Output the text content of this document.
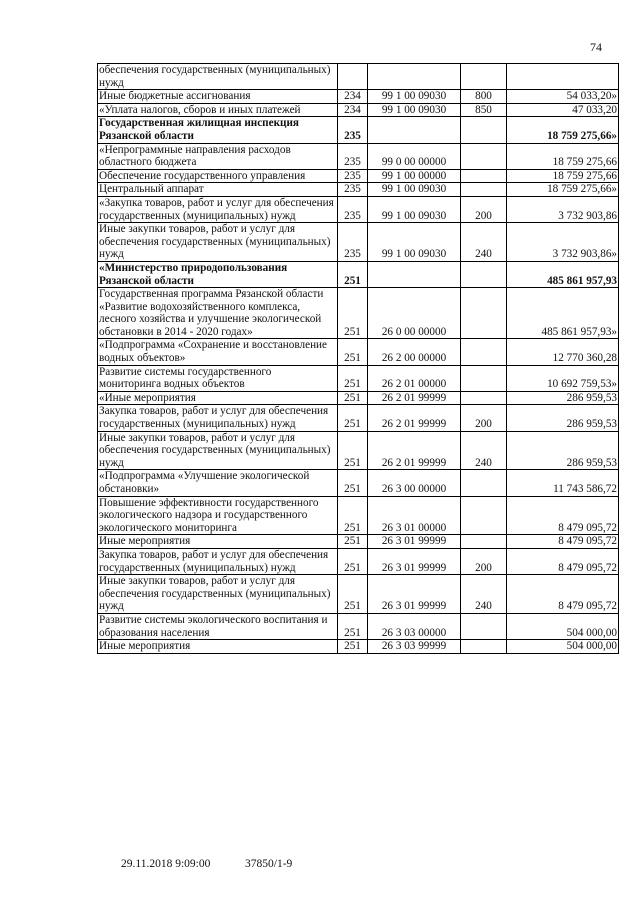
74
обеспечения государственных (муниципальных) нужд				
Иные бюджетные ассигнования	234	99 1 00 09030	800	54 033,20»
«Уплата налогов, сборов и иных платежей	234	99 1 00 09030	850	47 033,20
Государственная жилищная инспекция Рязанской области	235			18 759 275,66»
«Непрограммные направления расходов областного бюджета	235	99 0 00 00000		18 759 275,66
Обеспечение государственного управления	235	99 1 00 00000		18 759 275,66
Центральный аппарат	235	99 1 00 09030		18 759 275,66»
«Закупка товаров, работ и услуг для обеспечения государственных (муниципальных) нужд	235	99 1 00 09030	200	3 732 903,86
Иные закупки товаров, работ и услуг для обеспечения государственных (муниципальных) нужд	235	99 1 00 09030	240	3 732 903,86»
«Министерство природопользования Рязанской области	251			485 861 957,93
Государственная программа Рязанской области «Развитие водохозяйственного комплекса, лесного хозяйства и улучшение экологической обстановки в 2014 - 2020 годах»	251	26 0 00 00000		485 861 957,93»
«Подпрограмма «Сохранение и восстановление водных объектов»	251	26 2 00 00000		12 770 360,28
Развитие системы государственного мониторинга водных объектов	251	26 2 01 00000		10 692 759,53»
«Иные мероприятия	251	26 2 01 99999		286 959,53
Закупка товаров, работ и услуг для обеспечения государственных (муниципальных) нужд	251	26 2 01 99999	200	286 959,53
Иные закупки товаров, работ и услуг для обеспечения государственных (муниципальных) нужд	251	26 2 01 99999	240	286 959,53
«Подпрограмма «Улучшение экологической обстановки»	251	26 3 00 00000		11 743 586,72
Повышение эффективности государственного экологического надзора и государственного экологического мониторинга	251	26 3 01 00000		8 479 095,72
Иные мероприятия	251	26 3 01 99999		8 479 095,72
Закупка товаров, работ и услуг для обеспечения государственных (муниципальных) нужд	251	26 3 01 99999	200	8 479 095,72
Иные закупки товаров, работ и услуг для обеспечения государственных (муниципальных) нужд	251	26 3 01 99999	240	8 479 095,72
Развитие системы экологического воспитания и образования населения	251	26 3 03 00000		504 000,00
Иные мероприятия	251	26 3 03 99999		504 000,00
29.11.2018 9:09:00	37850/1-9
